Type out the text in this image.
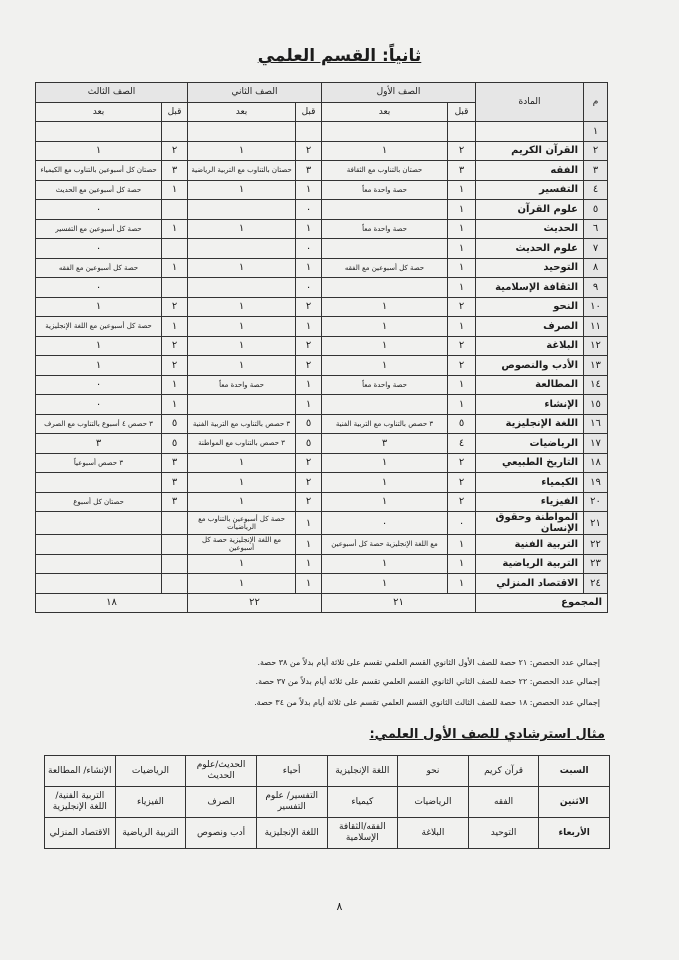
ثانياً: القسم العلمي
م	المادة	الصف الأول		الصف الثاني		الصف الثالث	
		قبل	بعد	قبل	بعد	قبل	بعد
١							
٢	القرآن الكريم	٢	١	٢	١	٢	١
٣	الفقه	٣	حصتان بالتناوب مع الثقافة	٣	حصتان بالتناوب مع التربية الرياضية	٣	حصتان كل أسبوعين بالتناوب مع الكيمياء
٤	التفسير	١	حصة واحدة معاً	١	١	١	حصة كل أسبوعين مع الحديث
٥	علوم القرآن	١		٠			٠
٦	الحديث	١	حصة واحدة معاً	١	١	١	حصة كل أسبوعين مع التفسير
٧	علوم الحديث	١		٠			٠
٨	التوحيد	١	حصة كل أسبوعين مع الفقه	١	١	١	حصة كل أسبوعين مع الفقه
٩	الثقافة الإسلامية	١		٠			٠
١٠	النحو	٢	١	٢	١	٢	١
١١	الصرف	١	١	١	١	١	حصة كل أسبوعين مع اللغة الإنجليزية
١٢	البلاغة	٢	١	٢	١	٢	١
١٣	الأدب والنصوص	٢	١	٢	١	٢	١
١٤	المطالعة	١	حصة واحدة معاً	١	حصة واحدة معاً	١	٠
١٥	الإنشاء	١		١		١	٠
١٦	اللغة الإنجليزية	٥	٣ حصص بالتناوب مع التربية الفنية	٥	٣ حصص بالتناوب مع التربية الفنية	٥	٣ حصص ٤ أسبوع بالتناوب مع الصرف
١٧	الرياضيات	٤	٣	٥	٣ حصص بالتناوب مع المواطنة	٥	٣
١٨	التاريخ الطبيعي	٢	١	٢	١	٣	٣ حصص أسبوعياً
١٩	الكيمياء	٢	١	٢	١	٣	
٢٠	الفيزياء	٢	١	٢	١	٣	حصتان كل أسبوع
٢١	المواطنة وحقوق الإنسان	٠	٠	١	حصة كل أسبوعين بالتناوب مع الرياضيات		
٢٢	التربية الفنية	١	مع اللغة الإنجليزية حصة كل أسبوعين	١	مع اللغة الإنجليزية حصة كل أسبوعين		
٢٣	التربية الرياضية	١	١	١	١		
٢٤	الاقتصاد المنزلي	١	١	١	١		
المجموع		٢١		٢٢		١٨	
إجمالي عدد الحصص: ٢١ حصة للصف الأول الثانوي القسم العلمي تقسم على ثلاثة أيام بدلاً من ٣٨ حصة.
إجمالي عدد الحصص: ٢٢ حصة للصف الثاني الثانوي القسم العلمي تقسم على ثلاثة أيام بدلاً من ٣٧ حصة.
إجمالي عدد الحصص: ١٨ حصة للصف الثالث الثانوي القسم العلمي تقسم على ثلاثة أيام بدلاً من ٣٤ حصة.
مثال استرشادي للصف الأول العلمي:
السبت	قرآن كريم	نحو	اللغة الإنجليزية	أحياء	الحديث/علوم الحديث	الرياضيات	الإنشاء/ المطالعة
الاثنين	الفقه	الرياضيات	كيمياء	التفسير/ علوم التفسير	الصرف	الفيزياء	التربية الفنية/ اللغة الإنجليزية
الأربعاء	التوحيد	البلاغة	الفقه/الثقافة الإسلامية	اللغة الإنجليزية	أدب ونصوص	التربية الرياضية	الاقتصاد المنزلي
٨
